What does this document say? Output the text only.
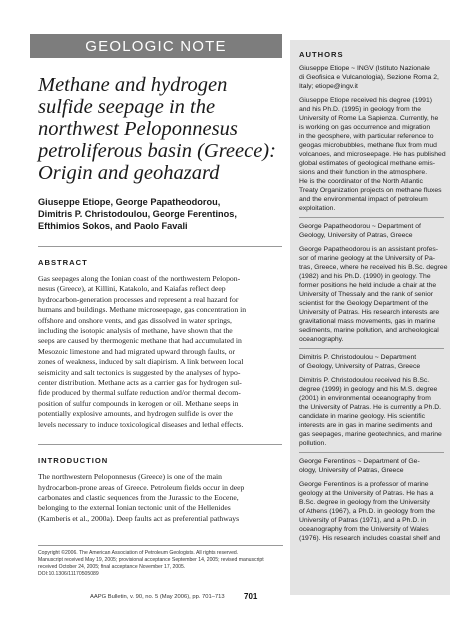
GEOLOGIC NOTE
Methane and hydrogen
sulfide seepage in the
northwest Peloponnesus
petroliferous basin (Greece):
Origin and geohazard
Giuseppe Etiope, George Papatheodorou,
Dimitris P. Christodoulou, George Ferentinos,
Efthimios Sokos, and Paolo Favali
ABSTRACT
Gas seepages along the Ionian coast of the northwestern Pelopon-
nesus (Greece), at Killini, Katakolo, and Kaiafas reflect deep
hydrocarbon-generation processes and represent a real hazard for
humans and buildings. Methane microseepage, gas concentration in
offshore and onshore vents, and gas dissolved in water springs,
including the isotopic analysis of methane, have shown that the
seeps are caused by thermogenic methane that had accumulated in
Mesozoic limestone and had migrated upward through faults, or
zones of weakness, induced by salt diapirism. A link between local
seismicity and salt tectonics is suggested by the analyses of hypo-
center distribution. Methane acts as a carrier gas for hydrogen sul-
fide produced by thermal sulfate reduction and/or thermal decom-
position of sulfur compounds in kerogen or oil. Methane seeps in
potentially explosive amounts, and hydrogen sulfide is over the
levels necessary to induce toxicological diseases and lethal effects.
INTRODUCTION
The northwestern Peloponnesus (Greece) is one of the main
hydrocarbon-prone areas of Greece. Petroleum fields occur in deep
carbonates and clastic sequences from the Jurassic to the Eocene,
belonging to the external Ionian tectonic unit of the Hellenides
(Kamberis et al., 2000a). Deep faults act as preferential pathways
Copyright ©2006. The American Association of Petroleum Geologists. All rights reserved.
Manuscript received May 19, 2005; provisional acceptance September 14, 2005; revised manuscript
received October 24, 2005; final acceptance November 17, 2005.
DOI:10.1306/11170505089
AAPG Bulletin, v. 90, no. 5 (May 2006), pp. 701–713	701
AUTHORS
Giuseppe Etiope ~ INGV (Istituto Nazionale
di Geofisica e Vulcanologia), Sezione Roma 2,
Italy; etiope@ingv.it
Giuseppe Etiope received his degree (1991)
and his Ph.D. (1995) in geology from the
University of Rome La Sapienza. Currently, he
is working on gas occurrence and migration
in the geosphere, with particular reference to
geogas microbubbles, methane flux from mud
volcanoes, and microseepage. He has published
global estimates of geological methane emis-
sions and their function in the atmosphere.
He is the coordinator of the North Atlantic
Treaty Organization projects on methane fluxes
and the environmental impact of petroleum
exploitation.
George Papatheodorou ~ Department of
Geology, University of Patras, Greece
George Papatheodorou is an assistant profes-
sor of marine geology at the University of Pa-
tras, Greece, where he received his B.Sc. degree
(1982) and his Ph.D. (1990) in geology. The
former positions he held include a chair at the
University of Thessaly and the rank of senior
scientist for the Geology Department of the
University of Patras. His research interests are
gravitational mass movements, gas in marine
sediments, marine pollution, and archeological
oceanography.
Dimitris P. Christodoulou ~ Department
of Geology, University of Patras, Greece
Dimitris P. Christodoulou received his B.Sc.
degree (1999) in geology and his M.S. degree
(2001) in environmental oceanography from
the University of Patras. He is currently a Ph.D.
candidate in marine geology. His scientific
interests are in gas in marine sediments and
gas seepages, marine geotechnics, and marine
pollution.
George Ferentinos ~ Department of Ge-
ology, University of Patras, Greece
George Ferentinos is a professor of marine
geology at the University of Patras. He has a
B.Sc. degree in geology from the University
of Athens (1967), a Ph.D. in geology from the
University of Patras (1971), and a Ph.D. in
oceanography from the University of Wales
(1976). His research includes coastal shelf and
